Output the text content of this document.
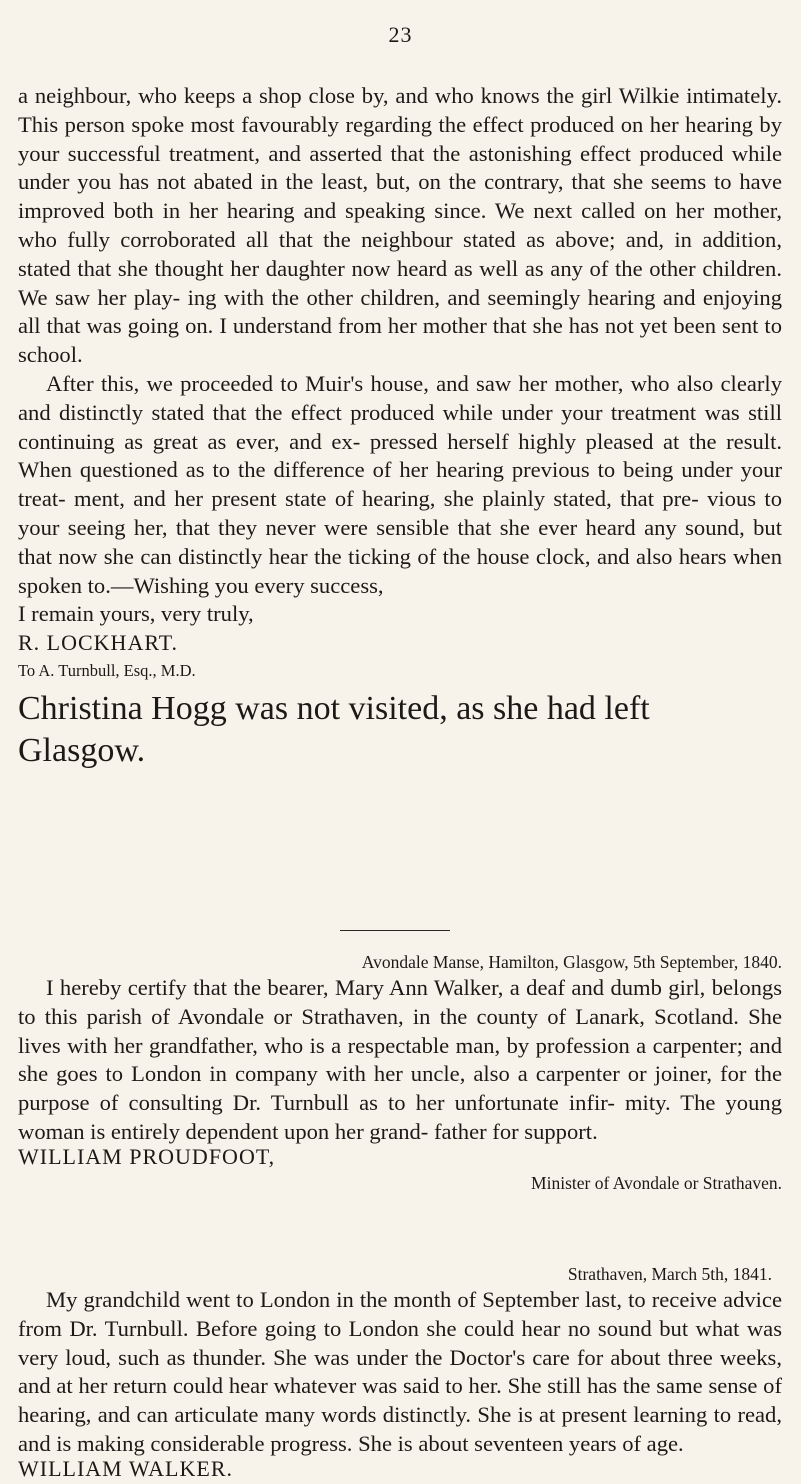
23

a neighbour, who keeps a shop close by, and who knows the girl Wilkie intimately. This person spoke most favourably regarding the effect produced on her hearing by your successful treatment, and asserted that the astonishing effect produced while under you has not abated in the least, but, on the contrary, that she seems to have improved both in her hearing and speaking since. We next called on her mother, who fully corroborated all that the neighbour stated as above; and, in addition, stated that she thought her daughter now heard as well as any of the other children. We saw her play- ing with the other children, and seemingly hearing and enjoying all that was going on. I understand from her mother that she has not yet been sent to school.

After this, we proceeded to Muir's house, and saw her mother, who also clearly and distinctly stated that the effect produced while under your treatment was still continuing as great as ever, and ex- pressed herself highly pleased at the result. When questioned as to the difference of her hearing previous to being under your treat- ment, and her present state of hearing, she plainly stated, that pre- vious to your seeing her, that they never were sensible that she ever heard any sound, but that now she can distinctly hear the ticking of the house clock, and also hears when spoken to.—Wishing you every success,

I remain yours, very truly,
R. LOCKHART.
To A. Turnbull, Esq., M.D.

Christina Hogg was not visited, as she had left Glasgow.

Avondale Manse, Hamilton, Glasgow, 5th September, 1840.

I hereby certify that the bearer, Mary Ann Walker, a deaf and dumb girl, belongs to this parish of Avondale or Strathaven, in the county of Lanark, Scotland. She lives with her grandfather, who is a respectable man, by profession a carpenter; and she goes to London in company with her uncle, also a carpenter or joiner, for the purpose of consulting Dr. Turnbull as to her unfortunate infir- mity. The young woman is entirely dependent upon her grand- father for support.

WILLIAM PROUDFOOT,
Minister of Avondale or Strathaven.
Strathaven, March 5th, 1841.

My grandchild went to London in the month of September last, to receive advice from Dr. Turnbull. Before going to London she could hear no sound but what was very loud, such as thunder. She was under the Doctor's care for about three weeks, and at her return could hear whatever was said to her. She still has the same sense of hearing, and can articulate many words distinctly. She is at present learning to read, and is making considerable progress. She is about seventeen years of age.

WILLIAM WALKER.
